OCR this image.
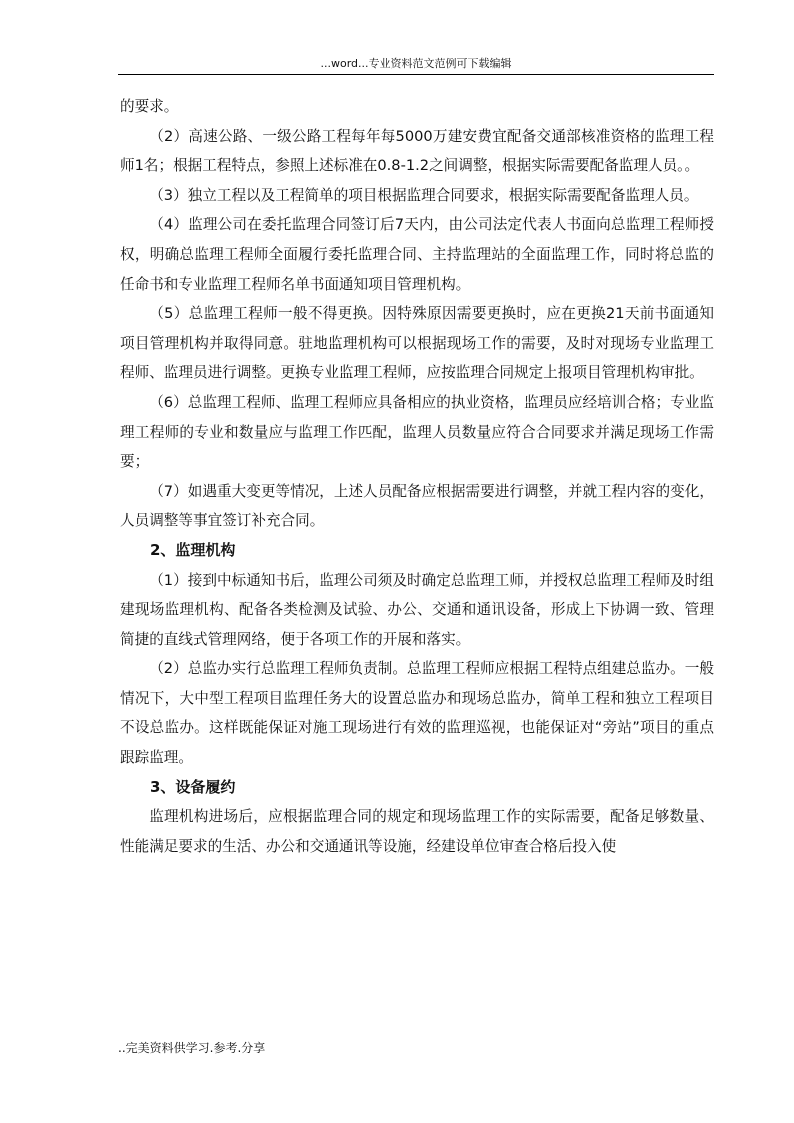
...word...专业资料范文范例可下载编辑

的要求。

（2）高速公路、一级公路工程每年每5000万建安费宜配备交通部核准资格的监理工程师1名；根据工程特点，参照上述标准在0.8-1.2之间调整，根据实际需要配备监理人员。。

（3）独立工程以及工程简单的项目根据监理合同要求，根据实际需要配备监理人员。

（4）监理公司在委托监理合同签订后7天内，由公司法定代表人书面向总监理工程师授权，明确总监理工程师全面履行委托监理合同、主持监理站的全面监理工作，同时将总监的任命书和专业监理工程师名单书面通知项目管理机构。

（5）总监理工程师一般不得更换。因特殊原因需要更换时，应在更换21天前书面通知项目管理机构并取得同意。驻地监理机构可以根据现场工作的需要，及时对现场专业监理工程师、监理员进行调整。更换专业监理工程师，应按监理合同规定上报项目管理机构审批。

（6）总监理工程师、监理工程师应具备相应的执业资格，监理员应经培训合格；专业监理工程师的专业和数量应与监理工作匹配，监理人员数量应符合合同要求并满足现场工作需要；

（7）如遇重大变更等情况，上述人员配备应根据需要进行调整，并就工程内容的变化，人员调整等事宜签订补充合同。

2、监理机构

（1）接到中标通知书后，监理公司须及时确定总监理工师，并授权总监理工程师及时组建现场监理机构、配备各类检测及试验、办公、交通和通讯设备，形成上下协调一致、管理简捷的直线式管理网络，便于各项工作的开展和落实。

（2）总监办实行总监理工程师负责制。总监理工程师应根据工程特点组建总监办。一般情况下，大中型工程项目监理任务大的设置总监办和现场总监办，简单工程和独立工程项目不设总监办。这样既能保证对施工现场进行有效的监理巡视，也能保证对“旁站”项目的重点跟踪监理。

3、设备履约

监理机构进场后，应根据监理合同的规定和现场监理工作的实际需要，配备足够数量、性能满足要求的生活、办公和交通通讯等设施，经建设单位审查合格后投入使

..完美资料供学习.参考.分享
